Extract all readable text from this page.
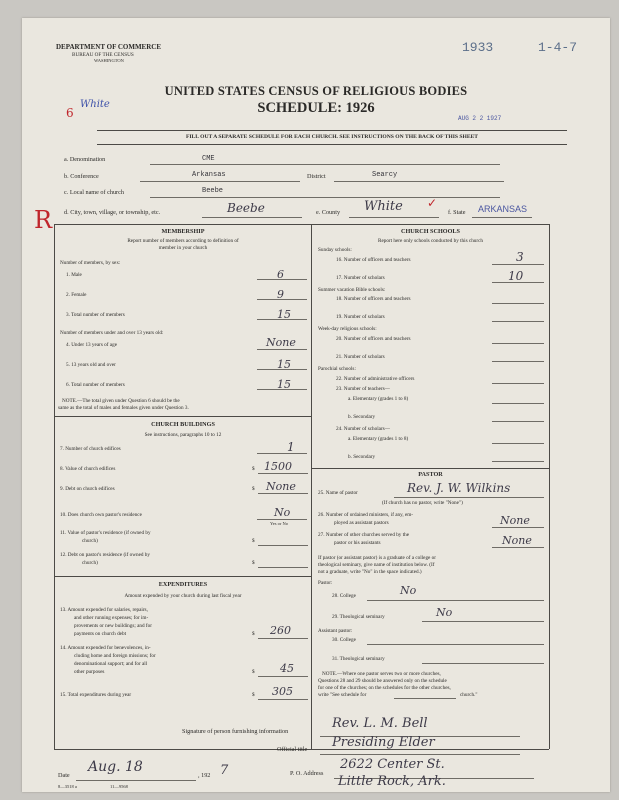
DEPARTMENT OF COMMERCE
BUREAU OF THE CENSUS
WASHINGTON
1933	1-4-7
6
White
UNITED STATES CENSUS OF RELIGIOUS BODIES
SCHEDULE: 1926
AUG 2 2 1927
FILL OUT A SEPARATE SCHEDULE FOR EACH CHURCH. SEE INSTRUCTIONS ON THE BACK OF THIS SHEET
R
a. Denomination	CME
b. Conference	Arkansas	District	Searcy
c. Local name of church	Beebe
d. City, town, village, or township, etc.	Beebe	e. County White ✓
f. State ARKANSAS
MEMBERSHIP
Report number of members according to definition of
member in your church
Number of members, by sex:
1. Male	6
2. Female	9
3. Total number of members	15
Number of members under and over 13 years old:
4. Under 13 years of age	None
5. 13 years old and over	15
6. Total number of members	15
NOTE.—The total given under Question 6 should be the
same as the total of males and females given under Question 3.
CHURCH BUILDINGS
See instructions, paragraphs 10 to 12
7. Number of church edifices	1
8. Value of church edifices	$ 1500
9. Debt on church edifices	$ None
10. Does church own pastor's residence	No
Yes or No
11. Value of pastor's residence (if owned by
church)	$
12. Debt on pastor's residence (if owned by
church)	$
EXPENDITURES
Amount expended by your church during last fiscal year
13. Amount expended for salaries, repairs,
and other running expenses; for im-
provements or new buildings; and for
payments on church debt	$ 260
14. Amount expended for benevolences, in-
cluding home and foreign missions; for
denominational support; and for all
other purposes	$ 45
15. Total expenditures during year	$ 305
CHURCH SCHOOLS
Report here only schools conducted by this church
Sunday schools:
16. Number of officers and teachers	3
17. Number of scholars	10
Summer vacation Bible schools:
18. Number of officers and teachers
19. Number of scholars
Week-day religious schools:
20. Number of officers and teachers
21. Number of scholars
Parochial schools:
22. Number of administrative officers
23. Number of teachers—
a. Elementary (grades 1 to 8)
b. Secondary
24. Number of scholars—
a. Elementary (grades 1 to 8)
b. Secondary
PASTOR
25. Name of pastor	Rev. J. W. Wilkins
(If church has no pastor, write "None")
26. Number of ordained ministers, if any, em-
ployed as assistant pastors	None
27. Number of other churches served by the
pastor or his assistants	None
If pastor (or assistant pastor) is a graduate of a college or
theological seminary, give name of institution below. (If
not a graduate, write "No" in the space indicated.)
Pastor:
28. College	No
29. Theological seminary	No
Assistant pastor:
30. College
31. Theological seminary
NOTE.—Where one pastor serves two or more churches,
Questions 28 and 29 should be answered only on the schedule
for one of the churches; on the schedules for the other churches,
write "See schedule for	church."
Signature of person furnishing information
Rev. L. M. Bell
Official title Presiding Elder
Date
Aug. 18
, 192 7
8—3518 a	11—9568
P. O. Address
2622 Center St.
Little Rock, Ark.
